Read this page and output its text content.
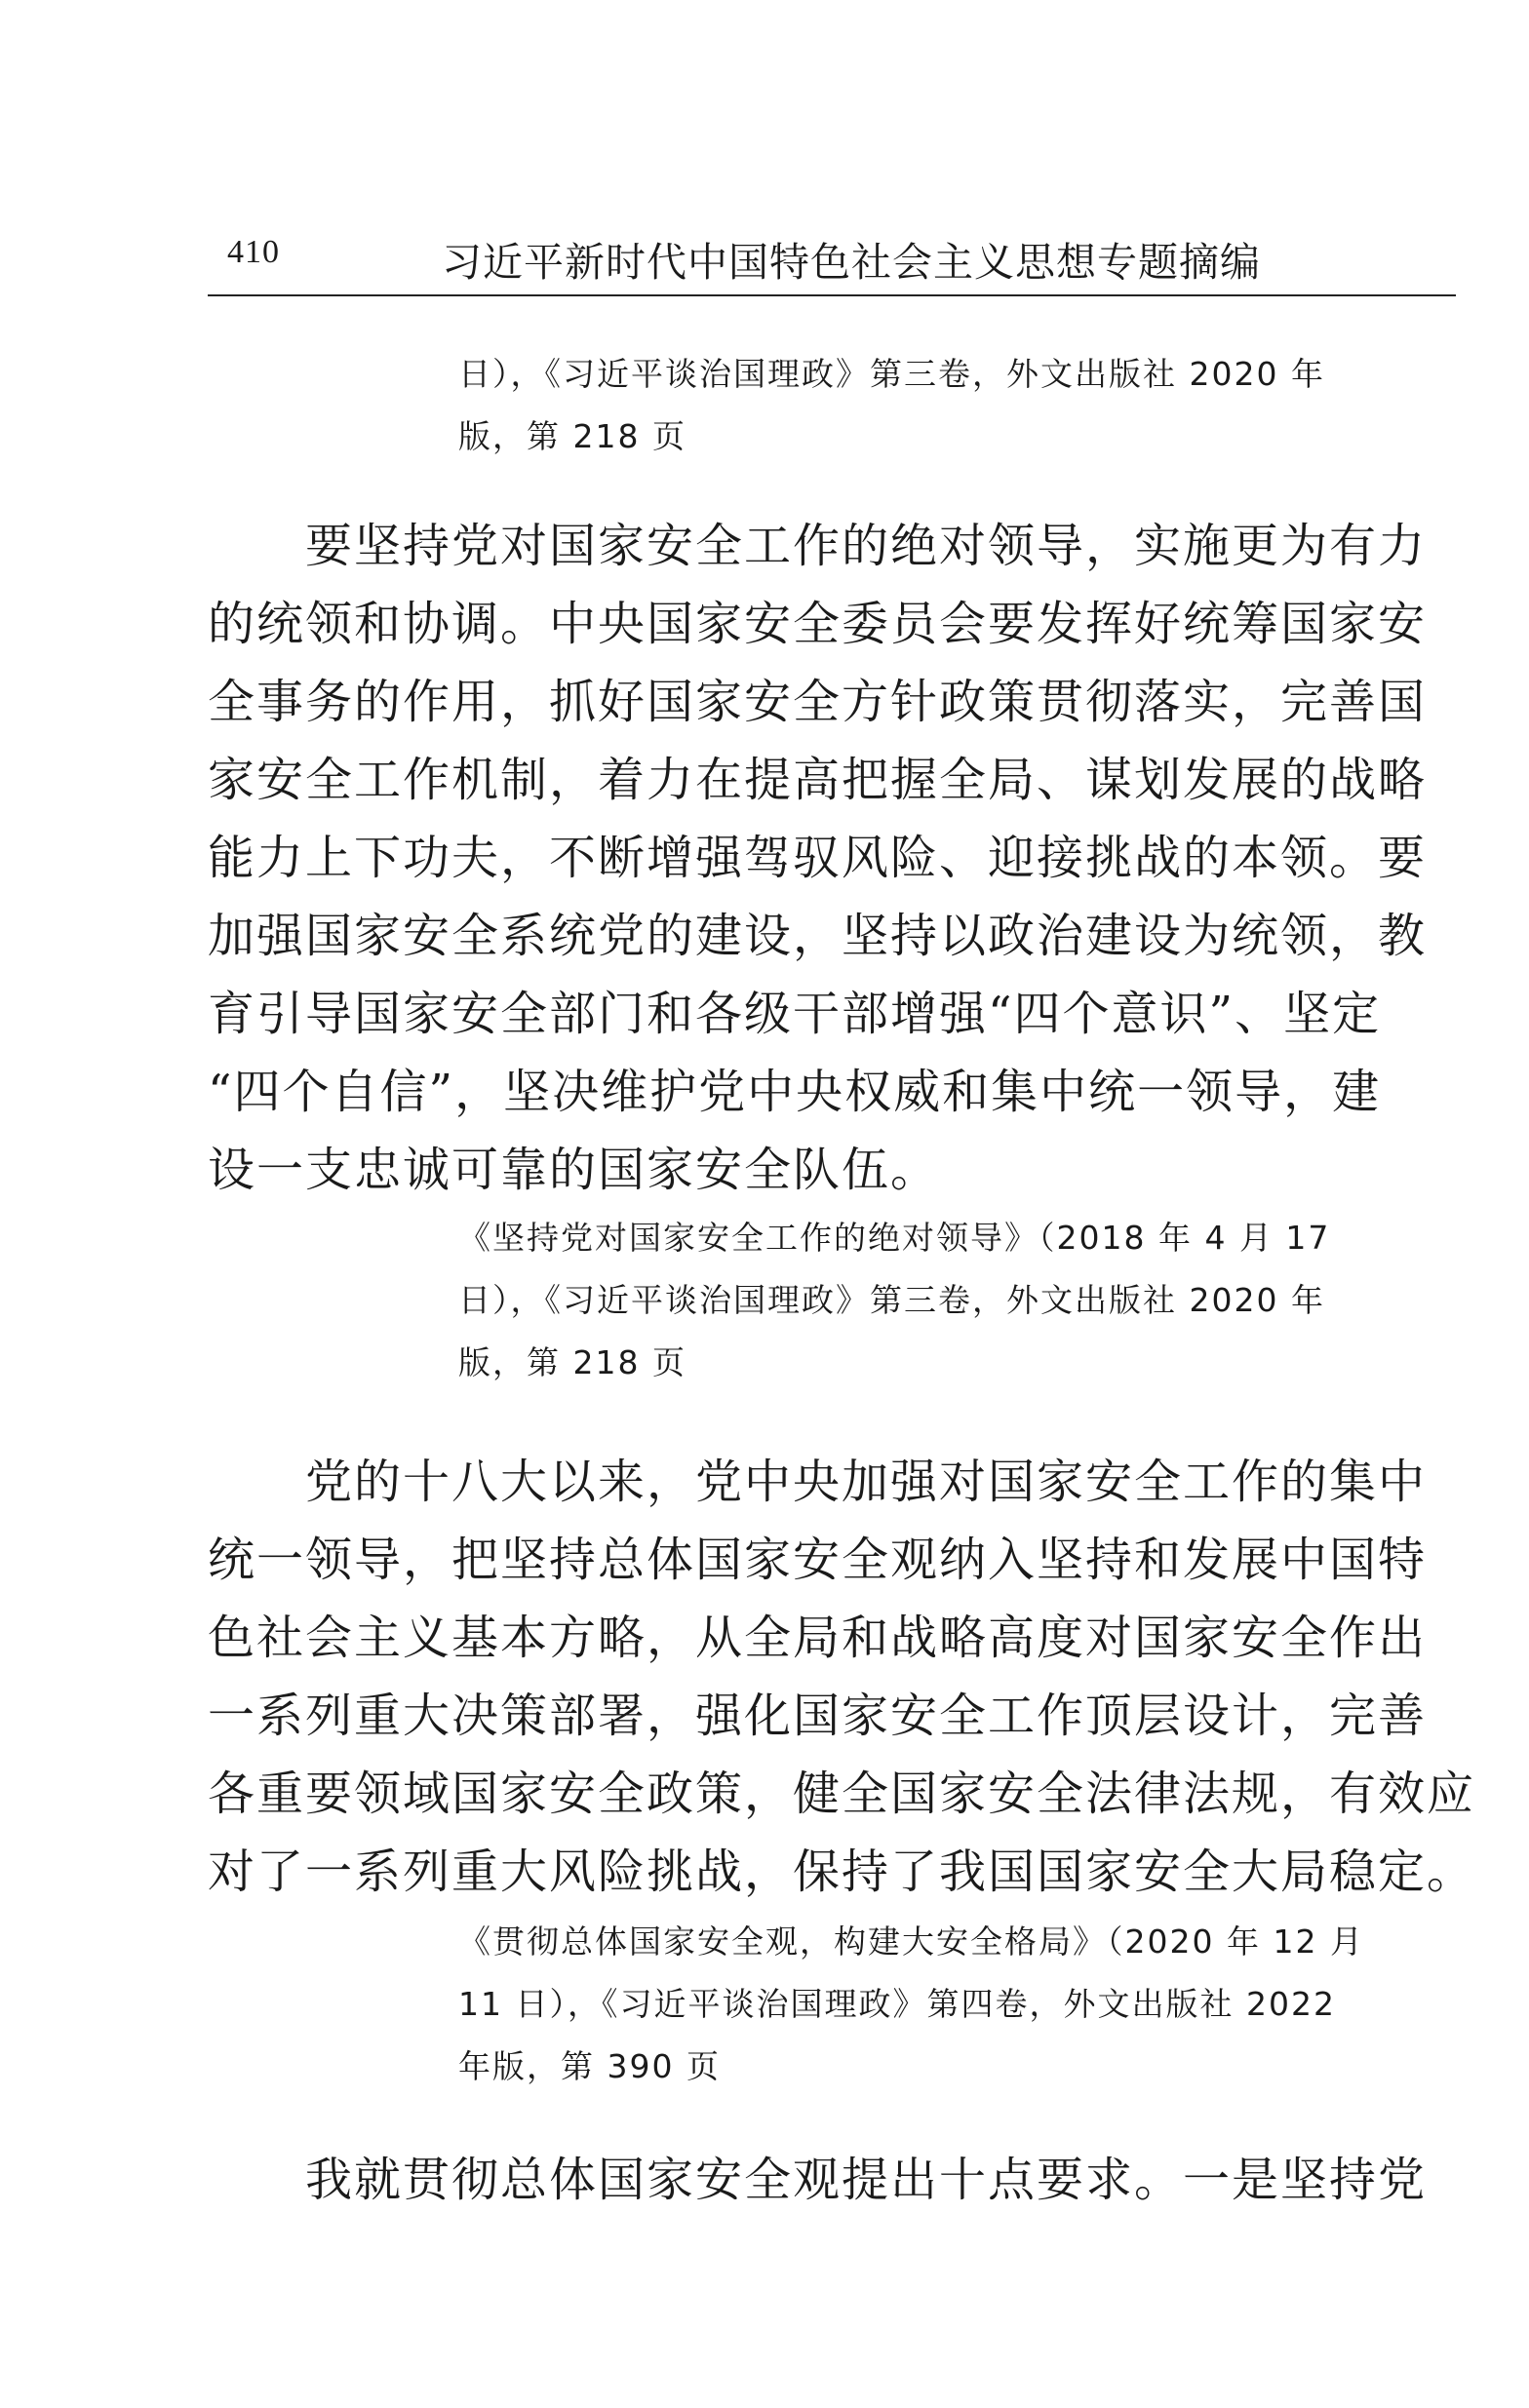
410	习近平新时代中国特色社会主义思想专题摘编
日），《习近平谈治国理政》第三卷，外文出版社 2020 年
版，第 218 页
要坚持党对国家安全工作的绝对领导，实施更为有力
的统领和协调。中央国家安全委员会要发挥好统筹国家安
全事务的作用，抓好国家安全方针政策贯彻落实，完善国
家安全工作机制，着力在提高把握全局、谋划发展的战略
能力上下功夫，不断增强驾驭风险、迎接挑战的本领。要
加强国家安全系统党的建设，坚持以政治建设为统领，教
育引导国家安全部门和各级干部增强“四个意识”、坚定
“四个自信”，坚决维护党中央权威和集中统一领导，建
设一支忠诚可靠的国家安全队伍。
《坚持党对国家安全工作的绝对领导》（2018 年 4 月 17
日），《习近平谈治国理政》第三卷，外文出版社 2020 年
版，第 218 页
党的十八大以来，党中央加强对国家安全工作的集中
统一领导，把坚持总体国家安全观纳入坚持和发展中国特
色社会主义基本方略，从全局和战略高度对国家安全作出
一系列重大决策部署，强化国家安全工作顶层设计，完善
各重要领域国家安全政策，健全国家安全法律法规，有效应
对了一系列重大风险挑战，保持了我国国家安全大局稳定。
《贯彻总体国家安全观，构建大安全格局》（2020 年 12 月
11 日），《习近平谈治国理政》第四卷，外文出版社 2022
年版，第 390 页
我就贯彻总体国家安全观提出十点要求。一是坚持党
